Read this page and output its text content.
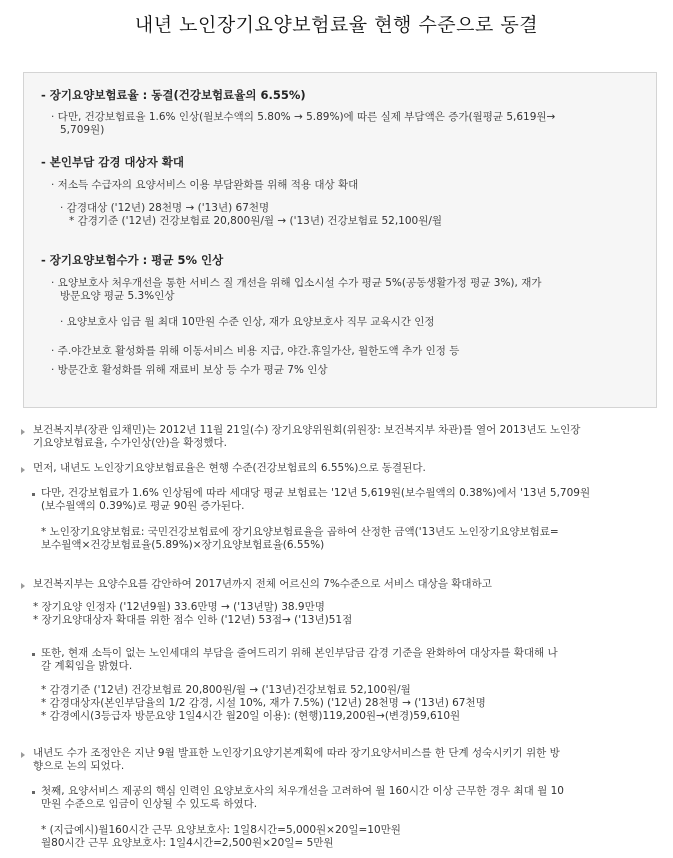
내년 노인장기요양보험료율 현행 수준으로 동결
- 장기요양보험료율 : 동결(건강보험료율의 6.55%)
· 다만, 건강보험료율 1.6% 인상(월보수액의 5.80% → 5.89%)에 따른 실제 부담액은 증가(월평균 5,619원→
5,709원)
- 본인부담 감경 대상자 확대
· 저소득 수급자의 요양서비스 이용 부담완화를 위해 적용 대상 확대
· 감경대상 ('12년) 28천명 → ('13년) 67천명
* 감경기준 ('12년) 건강보험료 20,800원/월 → ('13년) 건강보험료 52,100원/월
- 장기요양보험수가 : 평균 5% 인상
· 요양보호사 처우개선을 통한 서비스 질 개선을 위해 입소시설 수가 평균 5%(공동생활가정 평균 3%), 재가
방문요양 평균 5.3%인상
· 요양보호사 임금 월 최대 10만원 수준 인상, 재가 요양보호사 직무 교육시간 인정
· 주.야간보호 활성화를 위해 이동서비스 비용 지급, 야간.휴일가산, 월한도액 추가 인정 등
· 방문간호 활성화를 위해 재료비 보상 등 수가 평균 7% 인상
보건복지부(장관 임채민)는 2012년 11월 21일(수) 장기요양위원회(위원장: 보건복지부 차관)를 열어 2013년도 노인장
기요양보험료율, 수가인상(안)을 확정했다.
먼저, 내년도 노인장기요양보험료율은 현행 수준(건강보험료의 6.55%)으로 동결된다.
다만, 건강보험료가 1.6% 인상됨에 따라 세대당 평균 보험료는 '12년 5,619원(보수월액의 0.38%)에서 '13년 5,709원
(보수월액의 0.39%)로 평균 90원 증가된다.
* 노인장기요양보험료: 국민건강보험료에 장기요양보험료율을 곱하여 산정한 금액('13년도 노인장기요양보험료=
보수월액×건강보험료율(5.89%)×장기요양보험료율(6.55%)
보건복지부는 요양수요를 감안하여 2017년까지 전체 어르신의 7%수준으로 서비스 대상을 확대하고
* 장기요양 인정자 ('12년9월) 33.6만명 → ('13년말) 38.9만명
* 장기요양대상자 확대를 위한 점수 인하 ('12년) 53점→ ('13년)51점
또한, 현재 소득이 없는 노인세대의 부담을 줄여드리기 위해 본인부담금 감경 기준을 완화하여 대상자를 확대해 나
갈 계획임을 밝혔다.
* 감경기준 ('12년) 건강보험료 20,800원/월 → ('13년)건강보험료 52,100원/월
* 감경대상자(본인부담율의 1/2 감경, 시설 10%, 재가 7.5%) ('12년) 28천명 → ('13년) 67천명
* 감경예시(3등급자 방문요양 1일4시간 월20일 이용): (현행)119,200원→(변경)59,610원
내년도 수가 조정안은 지난 9월 발표한 노인장기요양기본계획에 따라 장기요양서비스를 한 단계 성숙시키기 위한 방
향으로 논의 되었다.
첫째, 요양서비스 제공의 핵심 인력인 요양보호사의 처우개선을 고려하여 월 160시간 이상 근무한 경우 최대 월 10
만원 수준으로 임금이 인상될 수 있도록 하였다.
* (지급예시)월160시간 근무 요양보호사: 1일8시간=5,000원×20일=10만원
월80시간 근무 요양보호사: 1일4시간=2,500원×20일= 5만원
